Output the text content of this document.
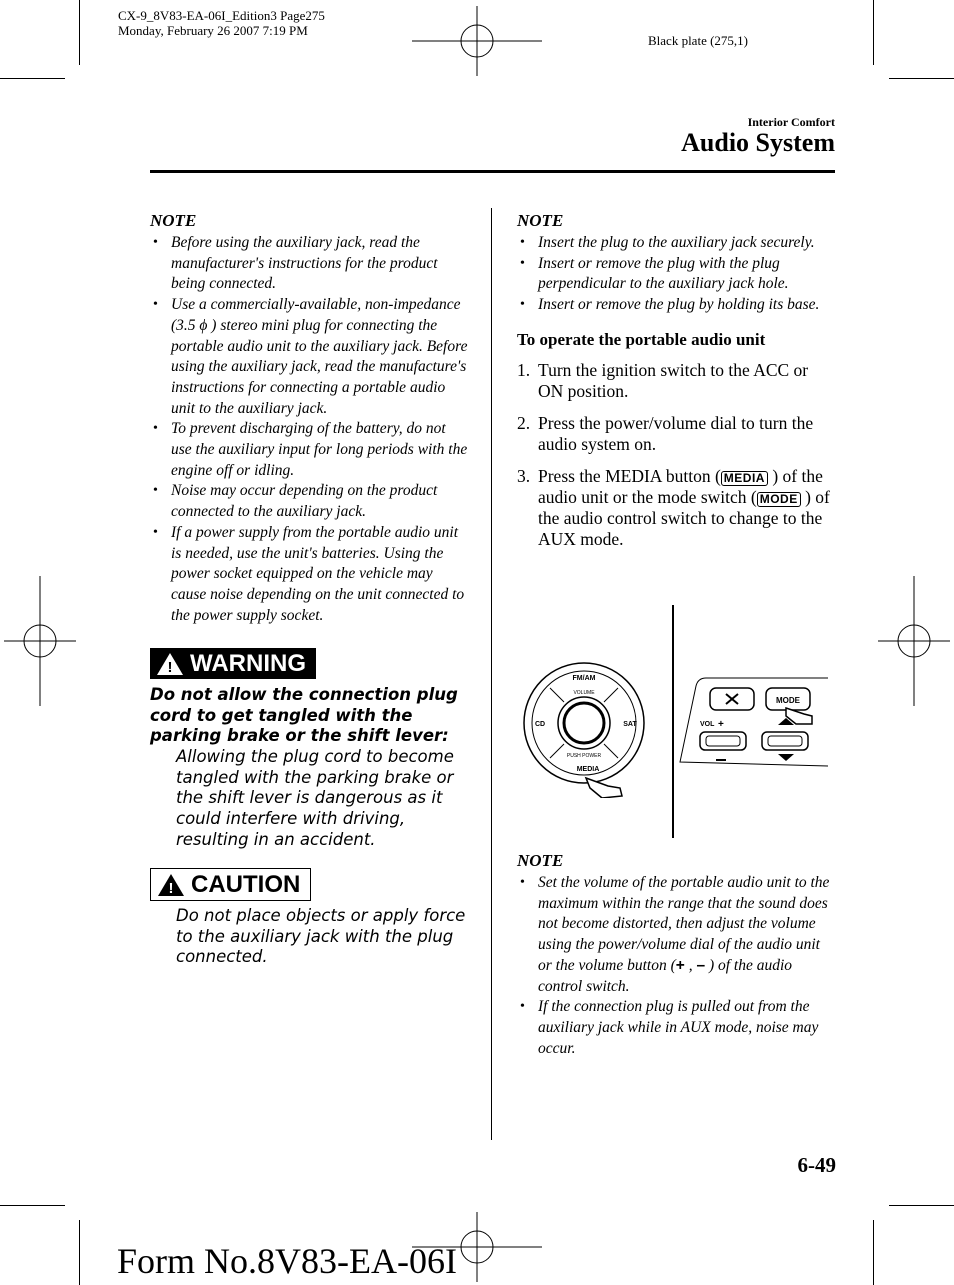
CX-9_8V83-EA-06I_Edition3 Page275
Monday, February 26 2007 7:19 PM
Black plate (275,1)
Interior Comfort
Audio System
NOTE
• Before using the auxiliary jack, read the manufacturer's instructions for the product being connected.
• Use a commercially-available, non-impedance (3.5 ϕ ) stereo mini plug for connecting the portable audio unit to the auxiliary jack. Before using the auxiliary jack, read the manufacture's instructions for connecting a portable audio unit to the auxiliary jack.
• To prevent discharging of the battery, do not use the auxiliary input for long periods with the engine off or idling.
• Noise may occur depending on the product connected to the auxiliary jack.
• If a power supply from the portable audio unit is needed, use the unit's batteries. Using the power socket equipped on the vehicle may cause noise depending on the unit connected to the power supply socket.
! WARNING
Do not allow the connection plug cord to get tangled with the parking brake or the shift lever:
Allowing the plug cord to become tangled with the parking brake or the shift lever is dangerous as it could interfere with driving, resulting in an accident.
! CAUTION
Do not place objects or apply force to the auxiliary jack with the plug connected.
NOTE
• Insert the plug to the auxiliary jack securely.
• Insert or remove the plug with the plug perpendicular to the auxiliary jack hole.
• Insert or remove the plug by holding its base.
To operate the portable audio unit
1. Turn the ignition switch to the ACC or ON position.
2. Press the power/volume dial to turn the audio system on.
3. Press the MEDIA button ( MEDIA ) of the audio unit or the mode switch ( MODE ) of the audio control switch to change to the AUX mode.
FM/AM
VOLUME
CD	SAT
PUSH POWER
MEDIA
MODE
VOL +
NOTE
• Set the volume of the portable audio unit to the maximum within the range that the sound does not become distorted, then adjust the volume using the power/volume dial of the audio unit or the volume button (+ , – ) of the audio control switch.
• If the connection plug is pulled out from the auxiliary jack while in AUX mode, noise may occur.
6-49
Form No.8V83-EA-06I
